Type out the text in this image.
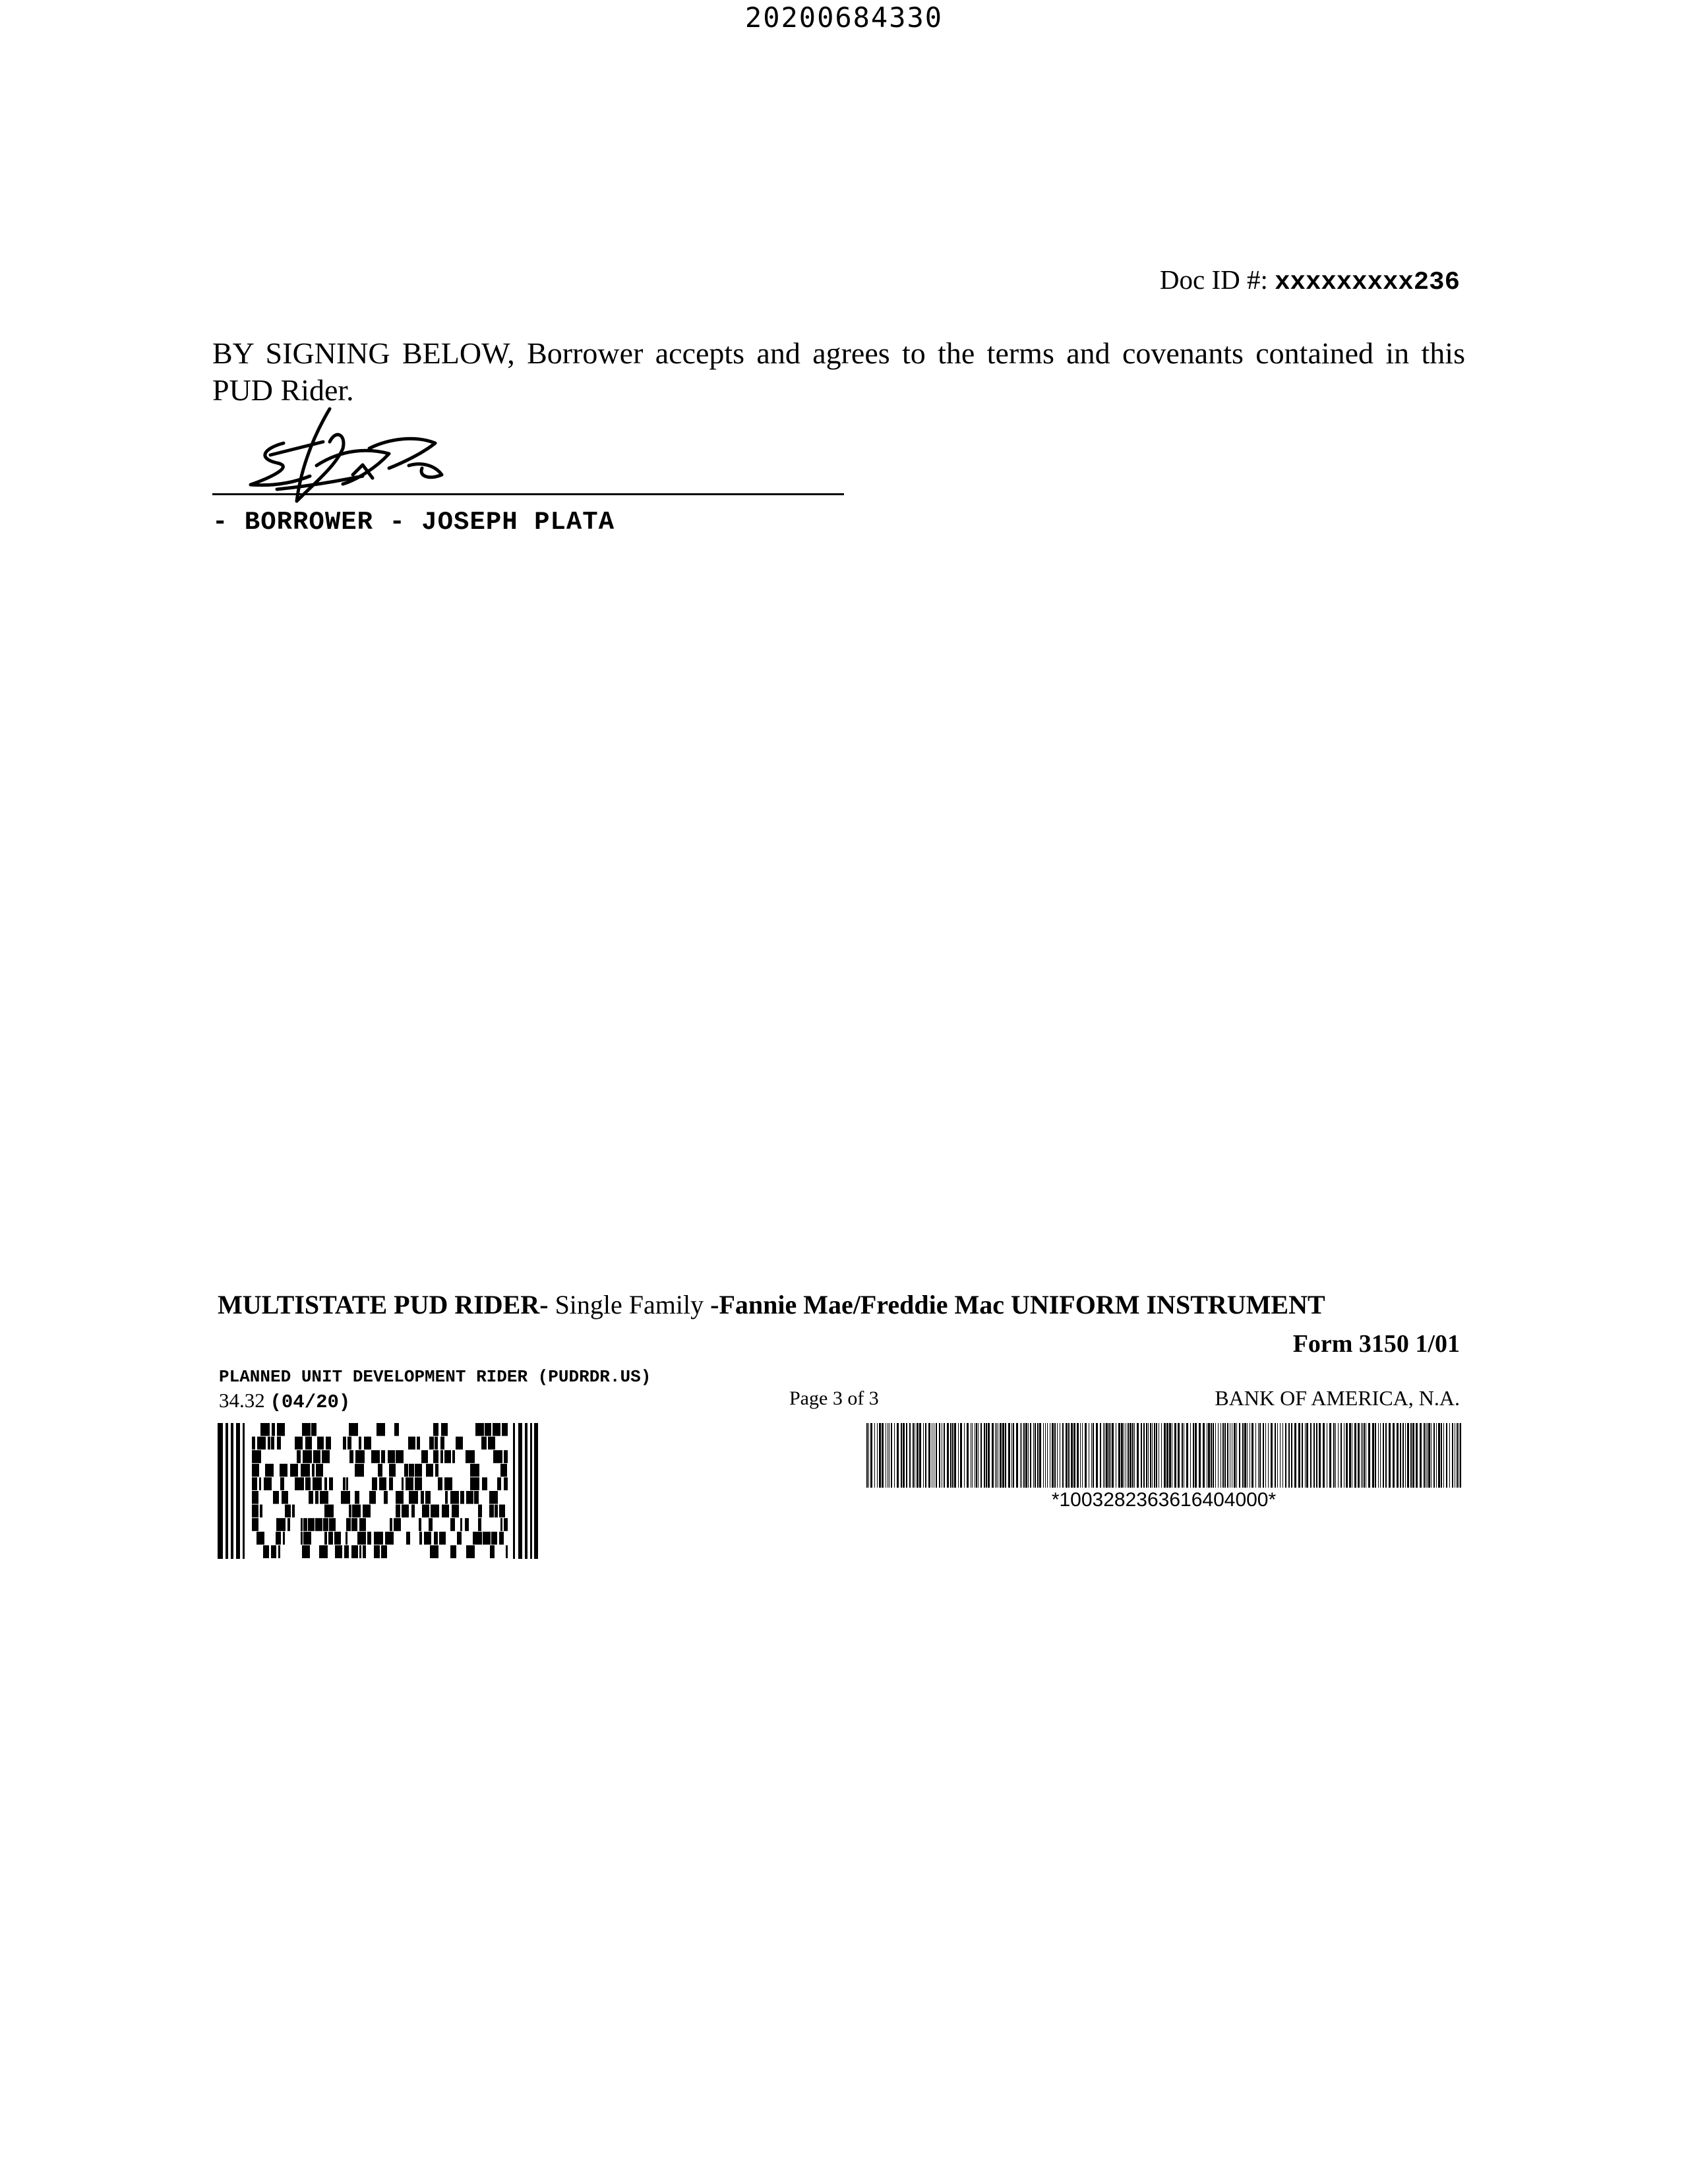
20200684330
Doc ID #: xxxxxxxxx236
BY SIGNING BELOW, Borrower accepts and agrees to the terms and covenants contained in this PUD Rider.
- BORROWER - JOSEPH PLATA
MULTISTATE PUD RIDER- Single Family -Fannie Mae/Freddie Mac UNIFORM INSTRUMENT
Form 3150 1/01
PLANNED UNIT DEVELOPMENT RIDER (PUDRDR.US)
34.32 (04/20)	Page 3 of 3	BANK OF AMERICA, N.A.
*1003282363616404000*
